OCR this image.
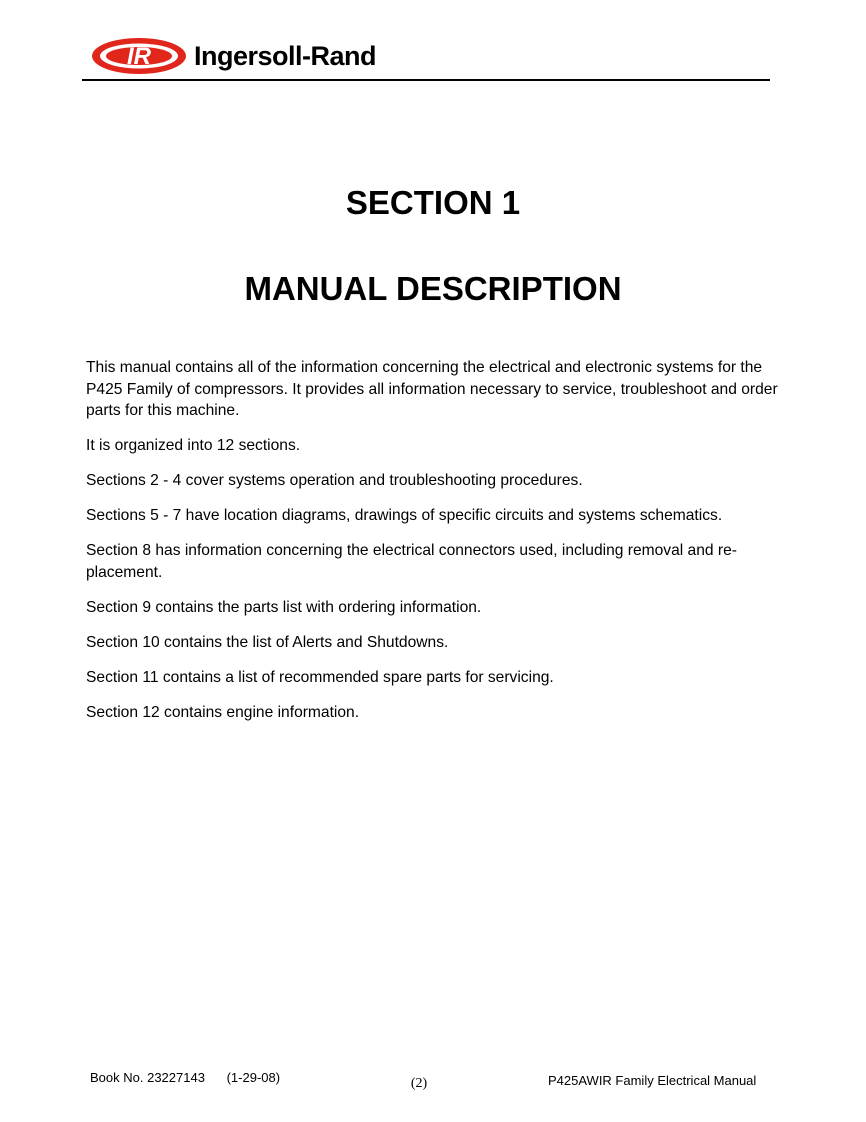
IR Ingersoll-Rand
SECTION 1
MANUAL DESCRIPTION

This manual contains all of the information concerning the electrical and electronic systems for the P425 Family of compressors. It provides all information necessary to service, troubleshoot and order parts for this machine.

It is organized into 12 sections.

Sections 2 - 4 cover systems operation and troubleshooting procedures.

Sections 5 - 7 have location diagrams, drawings of specific circuits and systems schematics.

Section 8 has information concerning the electrical connectors used, including removal and re-placement.

Section 9 contains the parts list with ordering information.

Section 10 contains the list of Alerts and Shutdowns.

Section 11 contains a list of recommended spare parts for servicing.

Section 12 contains engine information.

Book No. 23227143      (1-29-08)	(2)	P425AWIR Family Electrical Manual
